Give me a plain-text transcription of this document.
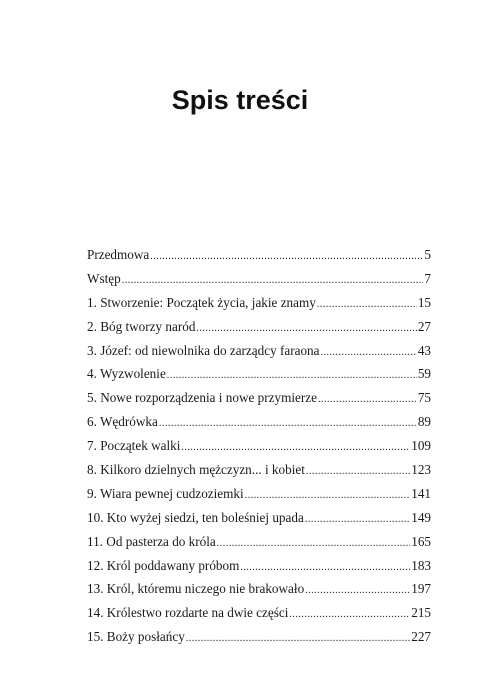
Spis treści
Przedmowa .....	5
Wstęp .....	7
1. Stworzenie: Początek życia, jakie znamy .....	15
2. Bóg tworzy naród .....	27
3. Józef: od niewolnika do zarządcy faraona .....	43
4. Wyzwolenie .....	59
5. Nowe rozporządzenia i nowe przymierze .....	75
6. Wędrówka .....	89
7. Początek walki .....	109
8. Kilkoro dzielnych mężczyzn... i kobiet .....	123
9. Wiara pewnej cudzoziemki .....	141
10. Kto wyżej siedzi, ten boleśniej upada .....	149
11. Od pasterza do króla .....	165
12. Król poddawany próbom .....	183
13. Król, któremu niczego nie brakowało .....	197
14. Królestwo rozdarte na dwie części .....	215
15. Boży posłańcy .....	227
